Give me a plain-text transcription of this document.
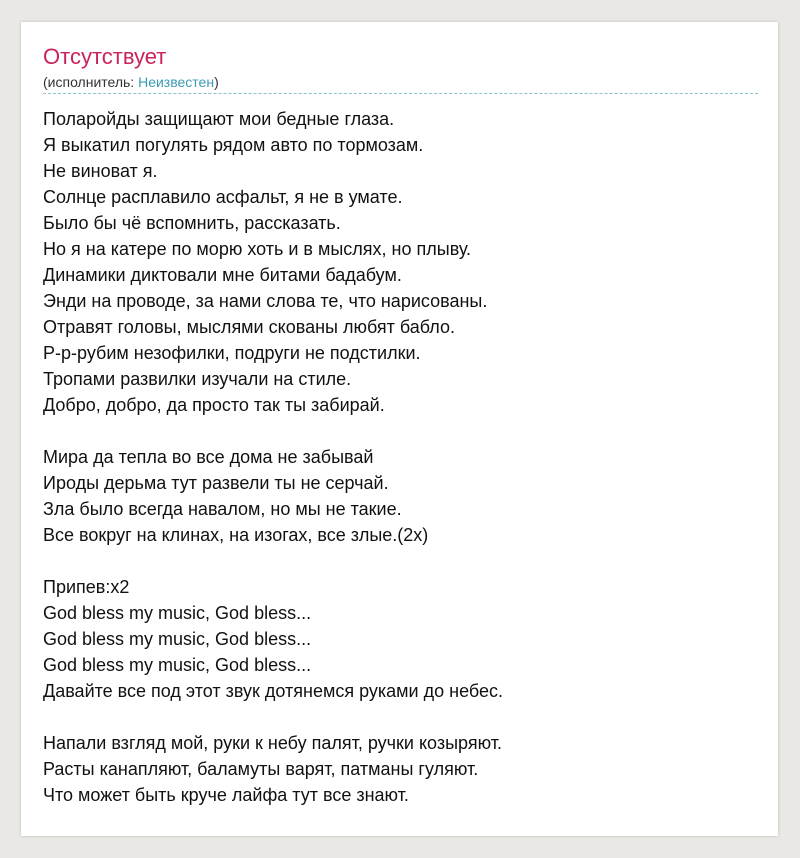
Отсутствует
(исполнитель: Неизвестен)
Поларойды защищают мои бедные глаза.
Я выкатил погулять рядом авто по тормозам.
Не виноват я.
Солнце расплавило асфальт, я не в умате.
Было бы чё вспомнить, рассказать.
Но я на катере по морю хоть и в мыслях, но плыву.
Динамики диктовали мне битами бадабум.
Энди на проводе, за нами слова те, что нарисованы.
Отравят головы, мыслями скованы любят бабло.
Р-р-рубим незофилки, подруги не подстилки.
Тропами развилки изучали на стиле.
Добро, добро, да просто так ты забирай.
Мира да тепла во все дома не забывай
Ироды дерьма тут развели ты не серчай.
Зла было всегда навалом, но мы не такие.
Все вокруг на клинах, на изогах, все злые.(2x)
Припев:x2
God bless my music, God bless...
God bless my music, God bless...
God bless my music, God bless...
Давайте все под этот звук дотянемся руками до небес.
Напали взгляд мой, руки к небу палят, ручки козыряют.
Расты канапляют, баламуты варят, патманы гуляют.
Что может быть круче лайфа тут все знают.
